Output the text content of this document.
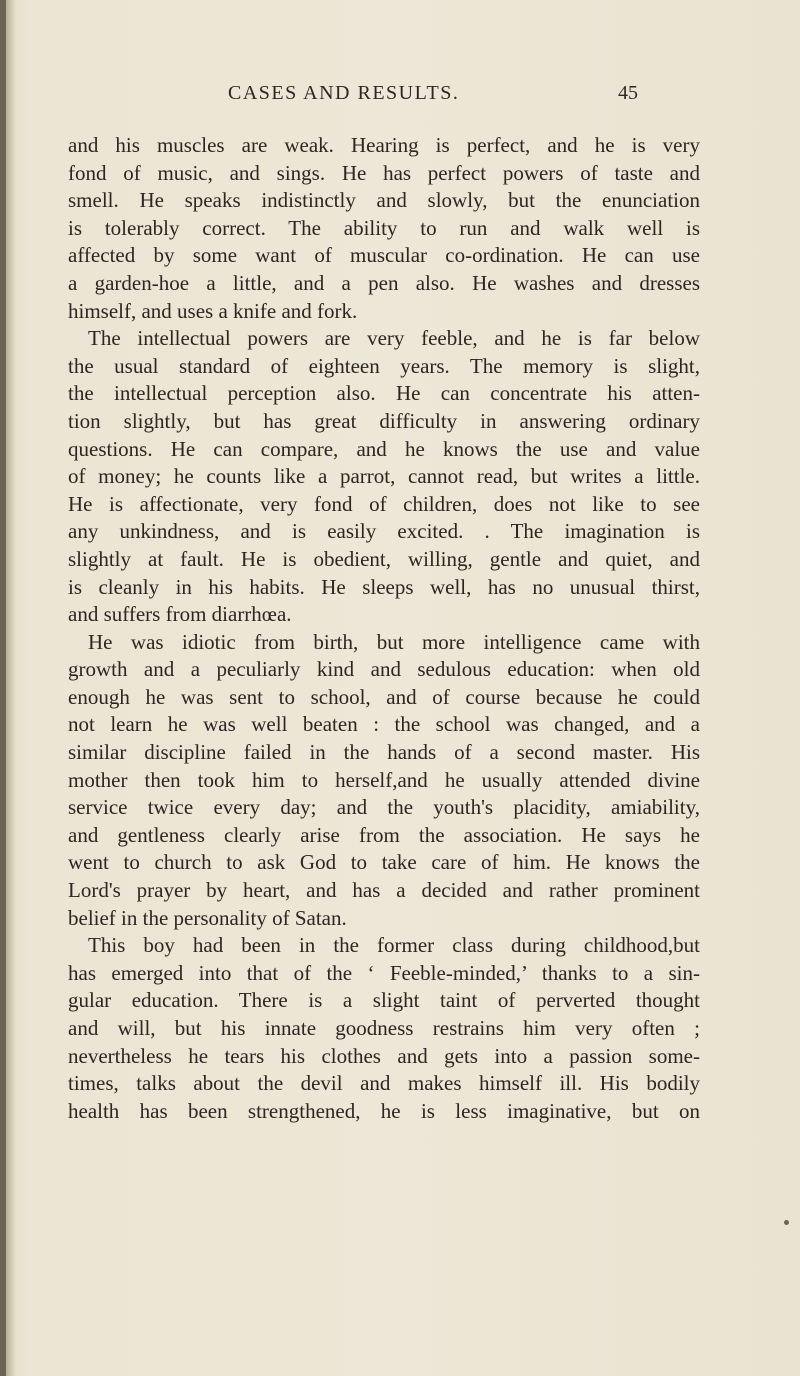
CASES AND RESULTS.	45
and his muscles are weak. Hearing is perfect, and he is very
fond of music, and sings. He has perfect powers of taste and
smell. He speaks indistinctly and slowly, but the enunciation
is tolerably correct. The ability to run and walk well is
affected by some want of muscular co-ordination. He can use
a garden-hoe a little, and a pen also. He washes and dresses
himself, and uses a knife and fork.
The intellectual powers are very feeble, and he is far below
the usual standard of eighteen years. The memory is slight,
the intellectual perception also. He can concentrate his atten-
tion slightly, but has great difficulty in answering ordinary
questions. He can compare, and he knows the use and value
of money; he counts like a parrot, cannot read, but writes a little.
He is affectionate, very fond of children, does not like to see
any unkindness, and is easily excited. . The imagination is
slightly at fault. He is obedient, willing, gentle and quiet, and
is cleanly in his habits. He sleeps well, has no unusual thirst,
and suffers from diarrhœa.
He was idiotic from birth, but more intelligence came with
growth and a peculiarly kind and sedulous education: when old
enough he was sent to school, and of course because he could
not learn he was well beaten : the school was changed, and a
similar discipline failed in the hands of a second master. His
mother then took him to herself,and he usually attended divine
service twice every day; and the youth's placidity, amiability,
and gentleness clearly arise from the association. He says he
went to church to ask God to take care of him. He knows the
Lord's prayer by heart, and has a decided and rather prominent
belief in the personality of Satan.
This boy had been in the former class during childhood,but
has emerged into that of the ‘ Feeble-minded,’ thanks to a sin-
gular education. There is a slight taint of perverted thought
and will, but his innate goodness restrains him very often ;
nevertheless he tears his clothes and gets into a passion some-
times, talks about the devil and makes himself ill. His bodily
health has been strengthened, he is less imaginative, but on
